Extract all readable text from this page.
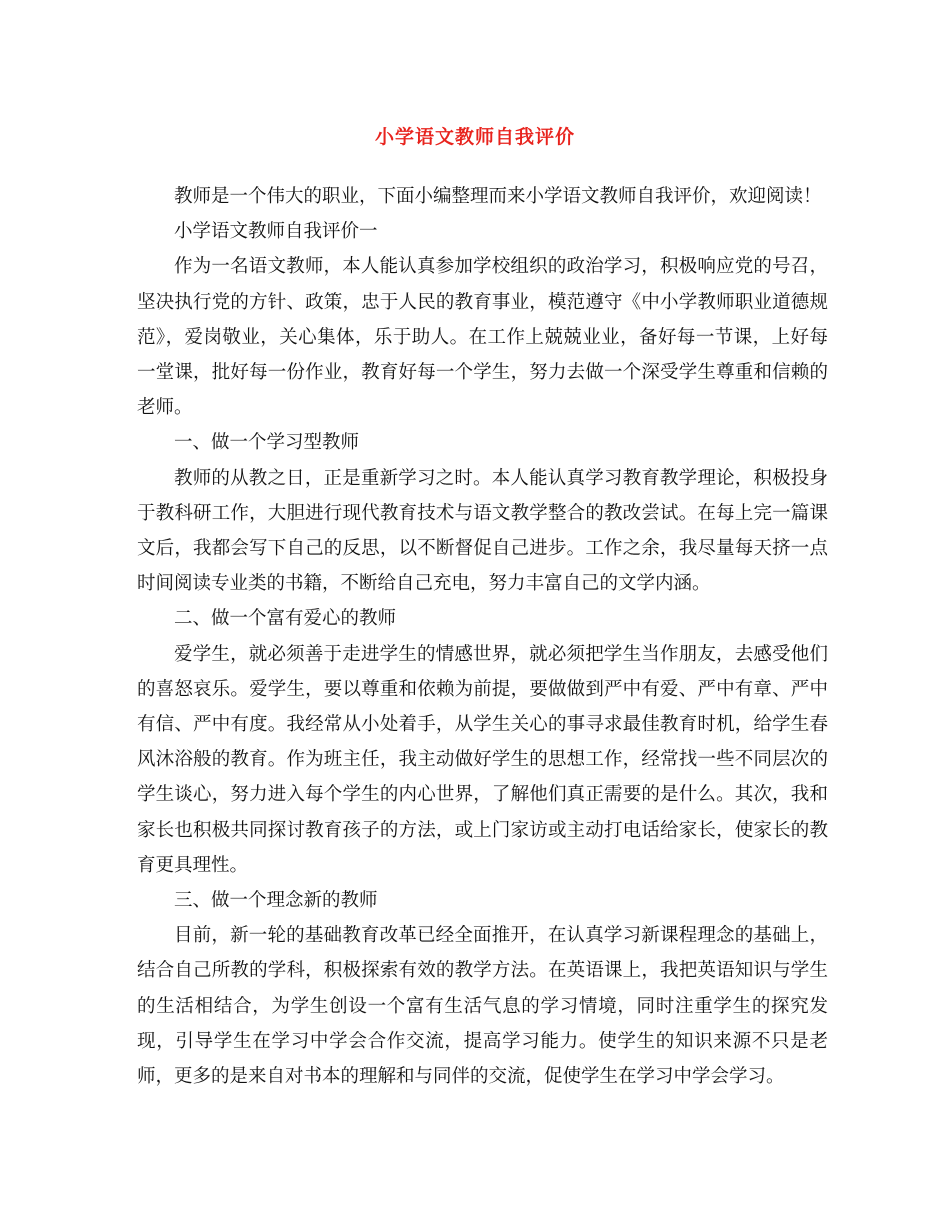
小学语文教师自我评价

教师是一个伟大的职业，下面小编整理而来小学语文教师自我评价，欢迎阅读！

小学语文教师自我评价一

作为一名语文教师，本人能认真参加学校组织的政治学习，积极响应党的号召，坚决执行党的方针、政策，忠于人民的教育事业，模范遵守《中小学教师职业道德规范》，爱岗敬业，关心集体，乐于助人。在工作上兢兢业业，备好每一节课，上好每一堂课，批好每一份作业，教育好每一个学生，努力去做一个深受学生尊重和信赖的老师。

一、做一个学习型教师

教师的从教之日，正是重新学习之时。本人能认真学习教育教学理论，积极投身于教科研工作，大胆进行现代教育技术与语文教学整合的教改尝试。在每上完一篇课文后，我都会写下自己的反思，以不断督促自己进步。工作之余，我尽量每天挤一点时间阅读专业类的书籍，不断给自己充电，努力丰富自己的文学内涵。

二、做一个富有爱心的教师

爱学生，就必须善于走进学生的情感世界，就必须把学生当作朋友，去感受他们的喜怒哀乐。爱学生，要以尊重和依赖为前提，要做做到严中有爱、严中有章、严中有信、严中有度。我经常从小处着手，从学生关心的事寻求最佳教育时机，给学生春风沐浴般的教育。作为班主任，我主动做好学生的思想工作，经常找一些不同层次的学生谈心，努力进入每个学生的内心世界，了解他们真正需要的是什么。其次，我和家长也积极共同探讨教育孩子的方法，或上门家访或主动打电话给家长，使家长的教育更具理性。

三、做一个理念新的教师

目前，新一轮的基础教育改革已经全面推开，在认真学习新课程理念的基础上，结合自己所教的学科，积极探索有效的教学方法。在英语课上，我把英语知识与学生的生活相结合，为学生创设一个富有生活气息的学习情境，同时注重学生的探究发现，引导学生在学习中学会合作交流，提高学习能力。使学生的知识来源不只是老师，更多的是来自对书本的理解和与同伴的交流，促使学生在学习中学会学习。
